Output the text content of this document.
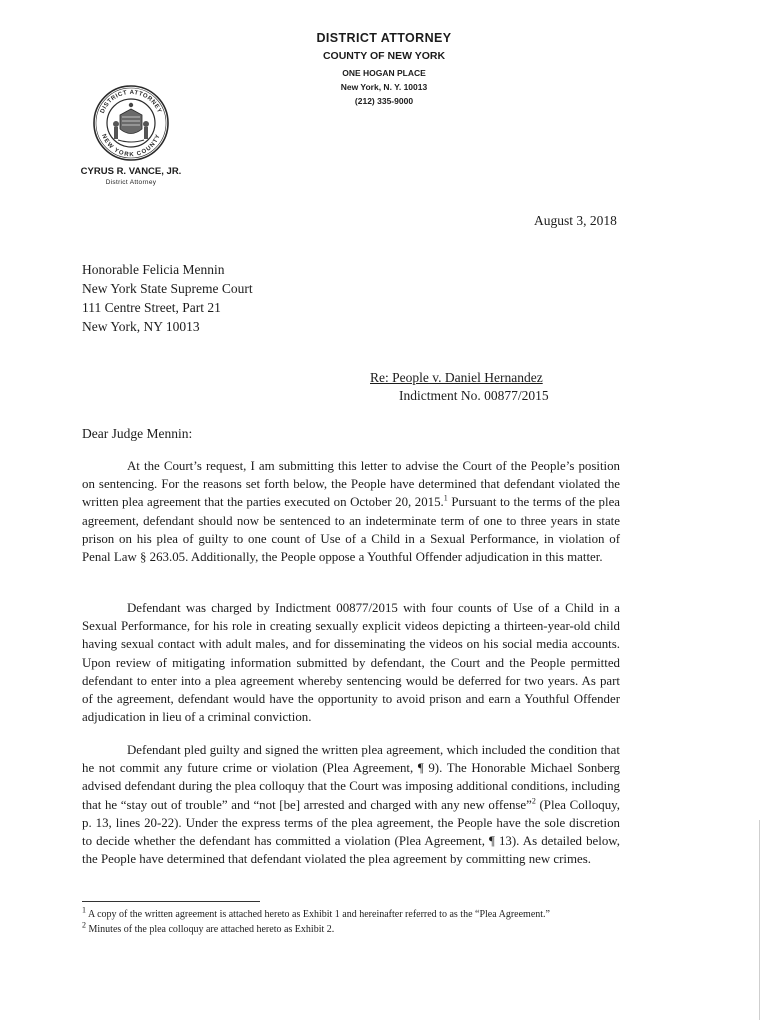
DISTRICT ATTORNEY
COUNTY OF NEW YORK
ONE HOGAN PLACE
New York, N. Y. 10013
(212) 335-9000
DISTRICT ATTORNEY
NEW YORK COUNTY
CYRUS R. VANCE, JR.
District Attorney
August 3, 2018
Honorable Felicia Mennin
New York State Supreme Court
111 Centre Street, Part 21
New York, NY 10013
Re: People v. Daniel Hernandez
Indictment No. 00877/2015
Dear Judge Mennin:

At the Court’s request, I am submitting this letter to advise the Court of the People’s position on sentencing. For the reasons set forth below, the People have determined that defendant violated the written plea agreement that the parties executed on October 20, 2015.$^1$ Pursuant to the terms of the plea agreement, defendant should now be sentenced to an indeterminate term of one to three years in state prison on his plea of guilty to one count of Use of a Child in a Sexual Performance, in violation of Penal Law § 263.05. Additionally, the People oppose a Youthful Offender adjudication in this matter.

Defendant was charged by Indictment 00877/2015 with four counts of Use of a Child in a Sexual Performance, for his role in creating sexually explicit videos depicting a thirteen-year-old child having sexual contact with adult males, and for disseminating the videos on his social media accounts. Upon review of mitigating information submitted by defendant, the Court and the People permitted defendant to enter into a plea agreement whereby sentencing would be deferred for two years. As part of the agreement, defendant would have the opportunity to avoid prison and earn a Youthful Offender adjudication in lieu of a criminal conviction.

Defendant pled guilty and signed the written plea agreement, which included the condition that he not commit any future crime or violation (Plea Agreement, ¶ 9). The Honorable Michael Sonberg advised defendant during the plea colloquy that the Court was imposing additional conditions, including that he “stay out of trouble” and “not [be] arrested and charged with any new offense”$^2$ (Plea Colloquy, p. 13, lines 20-22). Under the express terms of the plea agreement, the People have the sole discretion to decide whether the defendant has committed a violation (Plea Agreement, ¶ 13). As detailed below, the People have determined that defendant violated the plea agreement by committing new crimes.

$^1$ A copy of the written agreement is attached hereto as Exhibit 1 and hereinafter referred to as the “Plea Agreement.”
$^2$ Minutes of the plea colloquy are attached hereto as Exhibit 2.
